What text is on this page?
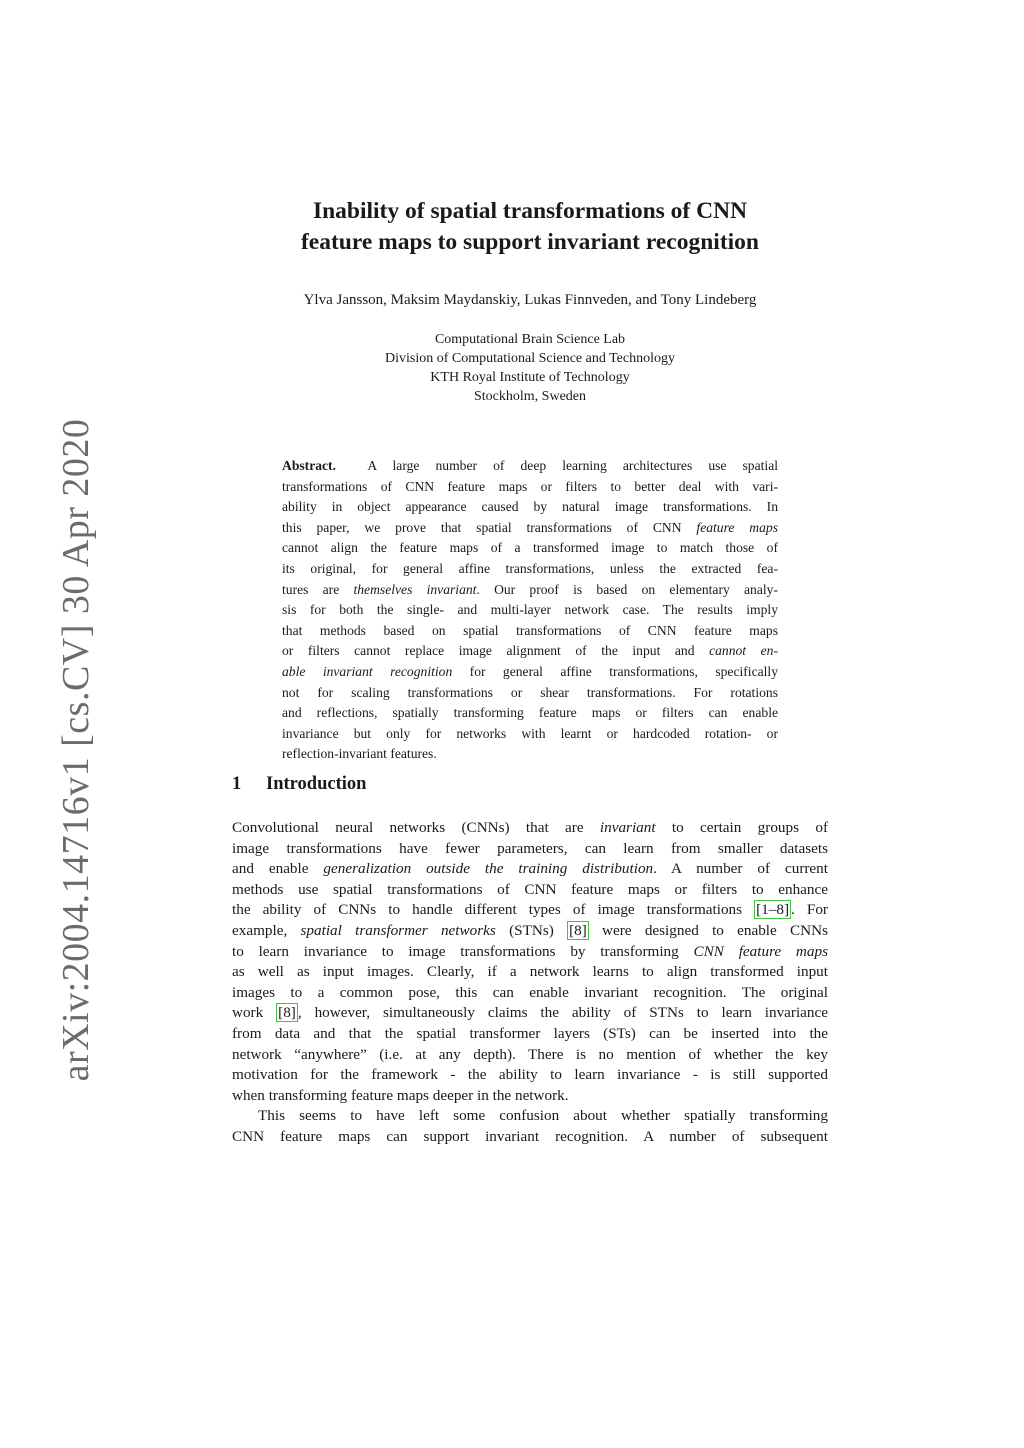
arXiv:2004.14716v1 [cs.CV] 30 Apr 2020
Inability of spatial transformations of CNN
feature maps to support invariant recognition
Ylva Jansson, Maksim Maydanskiy, Lukas Finnveden, and Tony Lindeberg
Computational Brain Science Lab
Division of Computational Science and Technology
KTH Royal Institute of Technology
Stockholm, Sweden
Abstract. A large number of deep learning architectures use spatial
transformations of CNN feature maps or filters to better deal with vari-
ability in object appearance caused by natural image transformations. In
this paper, we prove that spatial transformations of CNN feature maps
cannot align the feature maps of a transformed image to match those of
its original, for general affine transformations, unless the extracted fea-
tures are themselves invariant. Our proof is based on elementary analy-
sis for both the single- and multi-layer network case. The results imply
that methods based on spatial transformations of CNN feature maps
or filters cannot replace image alignment of the input and cannot en-
able invariant recognition for general affine transformations, specifically
not for scaling transformations or shear transformations. For rotations
and reflections, spatially transforming feature maps or filters can enable
invariance but only for networks with learnt or hardcoded rotation- or
reflection-invariant features.
1 Introduction
Convolutional neural networks (CNNs) that are invariant to certain groups of
image transformations have fewer parameters, can learn from smaller datasets
and enable generalization outside the training distribution. A number of current
methods use spatial transformations of CNN feature maps or filters to enhance
the ability of CNNs to handle different types of image transformations [1–8] . For
example, spatial transformer networks (STNs) [8] were designed to enable CNNs
to learn invariance to image transformations by transforming CNN feature maps
as well as input images. Clearly, if a network learns to align transformed input
images to a common pose, this can enable invariant recognition. The original
work [8] , however, simultaneously claims the ability of STNs to learn invariance
from data and that the spatial transformer layers (STs) can be inserted into the
network “anywhere” (i.e. at any depth). There is no mention of whether the key
motivation for the framework - the ability to learn invariance - is still supported
when transforming feature maps deeper in the network.
This seems to have left some confusion about whether spatially transforming
CNN feature maps can support invariant recognition. A number of subsequent
